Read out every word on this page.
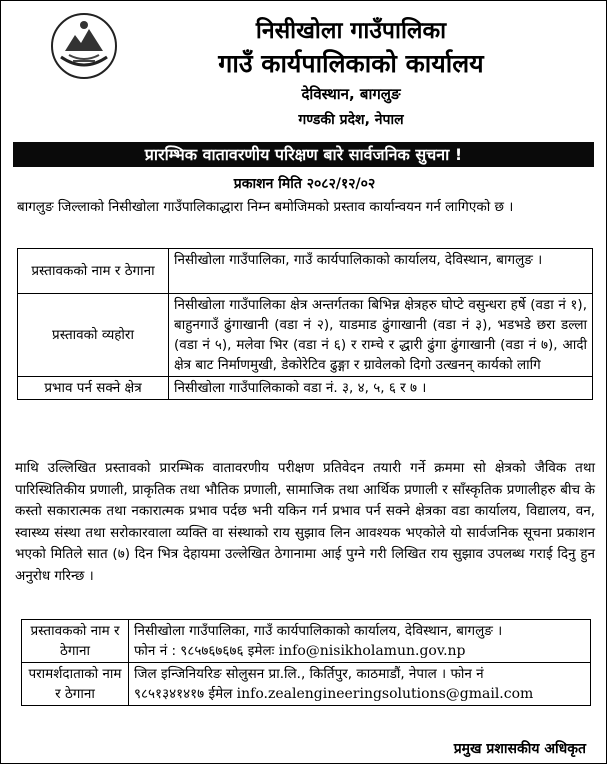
निसीखोला गाउँपालिका
गाउँ कार्यपालिकाको कार्यालय
देविस्थान, बागलुङ
गण्डकी प्रदेश, नेपाल
प्रारम्भिक वातावरणीय परिक्षण बारे सार्वजनिक सुचना !
प्रकाशन मिति २०८२/१२/०२
बागलुङ जिल्लाको निसीखोला गाउँपालिकाद्धारा निम्न बमोजिमको प्रस्ताव कार्यान्वयन गर्न लागिएको छ ।
प्रस्तावकको नाम र ठेगाना	निसीखोला गाउँपालिका, गाउँ कार्यपालिकाको कार्यालय, देविस्थान, बागलुङ ।
प्रस्तावको व्यहोरा	निसीखोला गाउँपालिका क्षेत्र अन्तर्गतका बिभिन्न क्षेत्रहरु घोप्टे वसुन्धरा हर्षे (वडा नं १), बाहुनगाउँ ढुंगाखानी (वडा नं २), याडमाड ढुंगाखानी (वडा नं ३), भडभडे छरा डल्ला (वडा नं ५), मलेवा भिर (वडा नं ६) र राम्चे र द्धारी ढुंगा ढुंगाखानी (वडा नं ७), आदी क्षेत्र बाट निर्माणमुखी, डेकोरेटिव ढुङ्गा र ग्रावेलको दिगो उत्खनन् कार्यको लागि
प्रभाव पर्न सक्ने क्षेत्र	निसीखोला गाउँपालिकाको वडा नं. ३, ४, ५, ६ र ७ ।
माथि उल्लिखित प्रस्तावको प्रारम्भिक वातावरणीय परीक्षण प्रतिवेदन तयारी गर्ने क्रममा सो क्षेत्रको जैविक तथा पारिस्थितिकीय प्रणाली, प्राकृतिक तथा भौतिक प्रणाली, सामाजिक तथा आर्थिक प्रणाली र साँस्कृतिक प्रणालीहरु बीच के कस्तो सकारात्मक तथा नकारात्मक प्रभाव पर्दछ भनी यकिन गर्न प्रभाव पर्न सक्ने क्षेत्रका वडा कार्यालय, विद्यालय, वन, स्वास्थ्य संस्था तथा सरोकारवाला व्यक्ति वा संस्थाको राय सुझाव लिन आवश्यक भएकोले यो सार्वजनिक सूचना प्रकाशन भएको मितिले सात (७) दिन भित्र देहायमा उल्लेखित ठेगानामा आई पुग्ने गरी लिखित राय सुझाव उपलब्ध गराई दिनु हुन अनुरोध गरिन्छ ।
प्रस्तावकको नाम र ठेगाना	निसीखोला गाउँपालिका, गाउँ कार्यपालिकाको कार्यालय, देविस्थान, बागलुङ ।
फोन नं : ९८५७६७६७६ इमेलः info@nisikholamun.gov.np

परामर्शदाताको नाम र ठेगाना	जिल इन्जिनियरिङ सोलुसन प्रा.लि., किर्तिपुर, काठमाडौं, नेपाल । फोन नं
९८५१३४१४१७ ईमेल info.zealengineeringsolutions@gmail.com
प्रमुख प्रशासकीय अधिकृत
